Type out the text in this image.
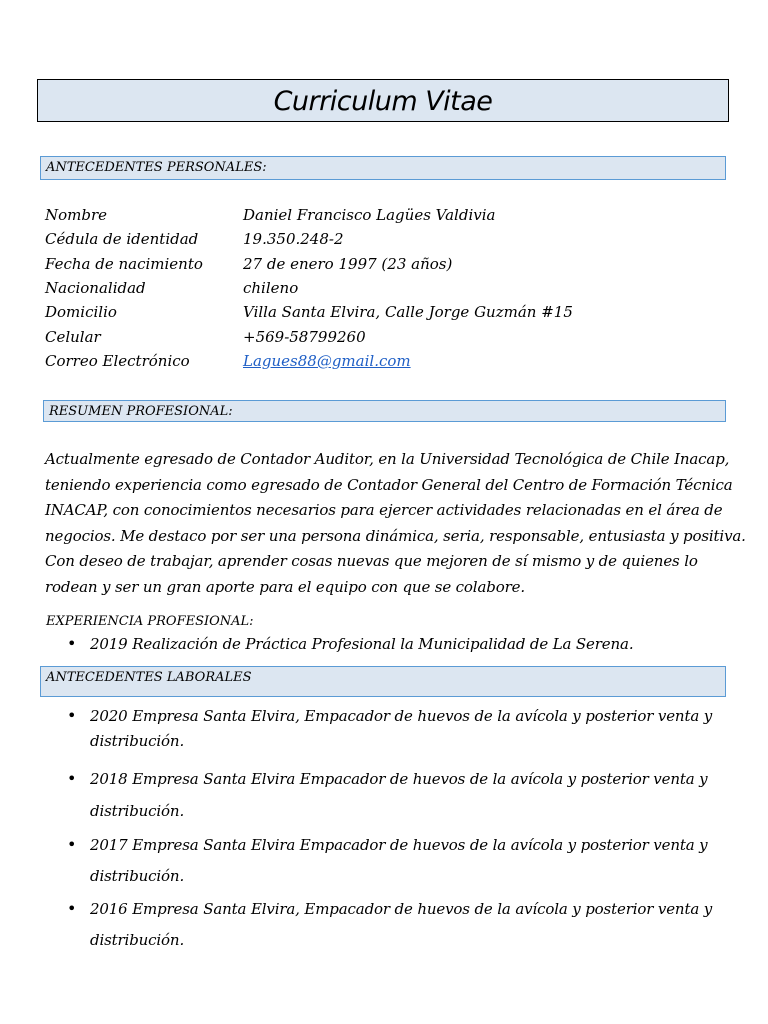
Curriculum Vitae
ANTECEDENTES PERSONALES:
Nombre	Daniel Francisco Lagües Valdivia
Cédula de identidad	19.350.248-2
Fecha de nacimiento	27 de enero 1997 (23 años)
Nacionalidad	chileno
Domicilio	Villa Santa Elvira, Calle Jorge Guzmán #15
Celular	+569-58799260
Correo Electrónico	Lagues88@gmail.com
RESUMEN PROFESIONAL:

Actualmente egresado de Contador Auditor, en la Universidad Tecnológica de Chile Inacap,

teniendo experiencia como egresado de Contador General del Centro de Formación Técnica

INACAP, con conocimientos necesarios para ejercer actividades relacionadas en el área de

negocios. Me destaco por ser una persona dinámica, seria, responsable, entusiasta y positiva.

Con deseo de trabajar, aprender cosas nuevas que mejoren de sí mismo y de quienes lo

rodean y ser un gran aporte para el equipo con que se colabore.

EXPERIENCIA PROFESIONAL:
• 2019 Realización de Práctica Profesional la Municipalidad de La Serena.
ANTECEDENTES LABORALES
• 2020 Empresa Santa Elvira, Empacador de huevos de la avícola y posterior venta y
distribución.
• 2018 Empresa Santa Elvira Empacador de huevos de la avícola y posterior venta y
distribución.
• 2017 Empresa Santa Elvira Empacador de huevos de la avícola y posterior venta y
distribución.
• 2016 Empresa Santa Elvira, Empacador de huevos de la avícola y posterior venta y
distribución.
